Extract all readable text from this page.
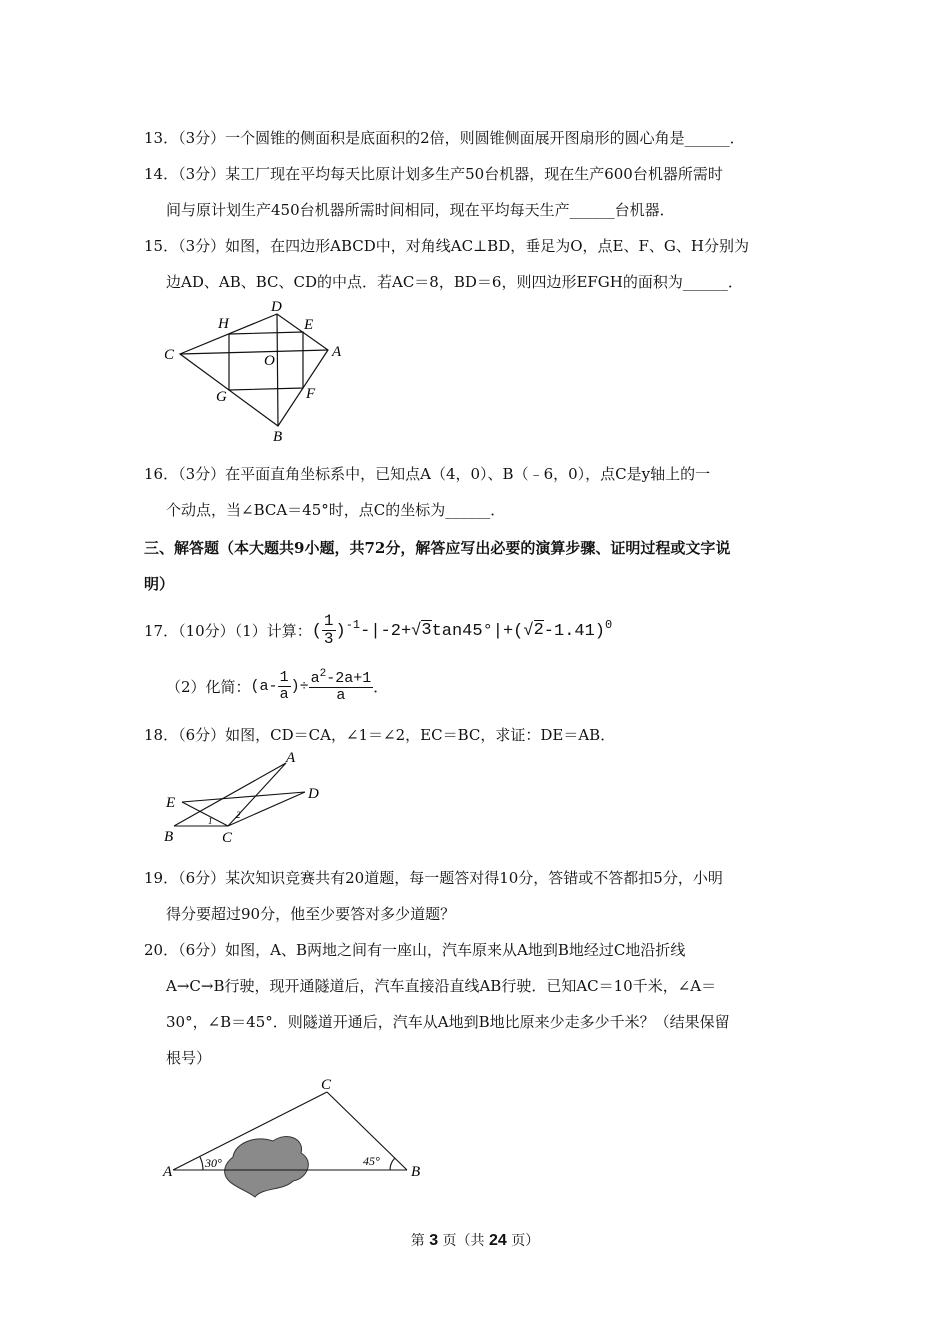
13．（3分）一个圆锥的侧面积是底面积的2倍，则圆锥侧面展开图扇形的圆心角是______．
14．（3分）某工厂现在平均每天比原计划多生产50台机器，现在生产600台机器所需时
间与原计划生产450台机器所需时间相同，现在平均每天生产______台机器．
15．（3分）如图，在四边形ABCD中，对角线AC⊥BD，垂足为O，点E、F、G、H分别为
边AD、AB、BC、CD的中点．若AC＝8，BD＝6，则四边形EFGH的面积为______．
D
H	E
C	O
A
G	F
B
16．（3分）在平面直角坐标系中，已知点A（4，0）、B（﹣6，0），点C是y轴上的一
个动点，当∠BCA＝45°时，点C的坐标为______．
三、解答题（本大题共9小题，共72分，解答应写出必要的演算步骤、证明过程或文字说
明）
17．（10分）（1）计算： ( $\frac{1}{3} )^{-1}-|-2+√3\tan 45^\circ|+(√2-1.41)^0$
（2）化简： ($a- \frac{1}{a}$ )÷ $\frac{a^2-2a+1}{a}$ ．
18．（6分）如图，CD＝CA，∠1＝∠2，EC＝BC，求证：DE＝AB．
A
D
E
B	C
1
2
19．（6分）某次知识竞赛共有20道题，每一题答对得10分，答错或不答都扣5分，小明
得分要超过90分，他至少要答对多少道题？
20．（6分）如图，A、B两地之间有一座山，汽车原来从A地到B地经过C地沿折线
A→C→B行驶，现开通隧道后，汽车直接沿直线AB行驶．已知AC＝10千米，∠A＝
30°，∠B＝45°．则隧道开通后，汽车从A地到B地比原来少走多少千米？（结果保留
根号）
C
A	B
30°	45°
第 3 页（共 24 页）
